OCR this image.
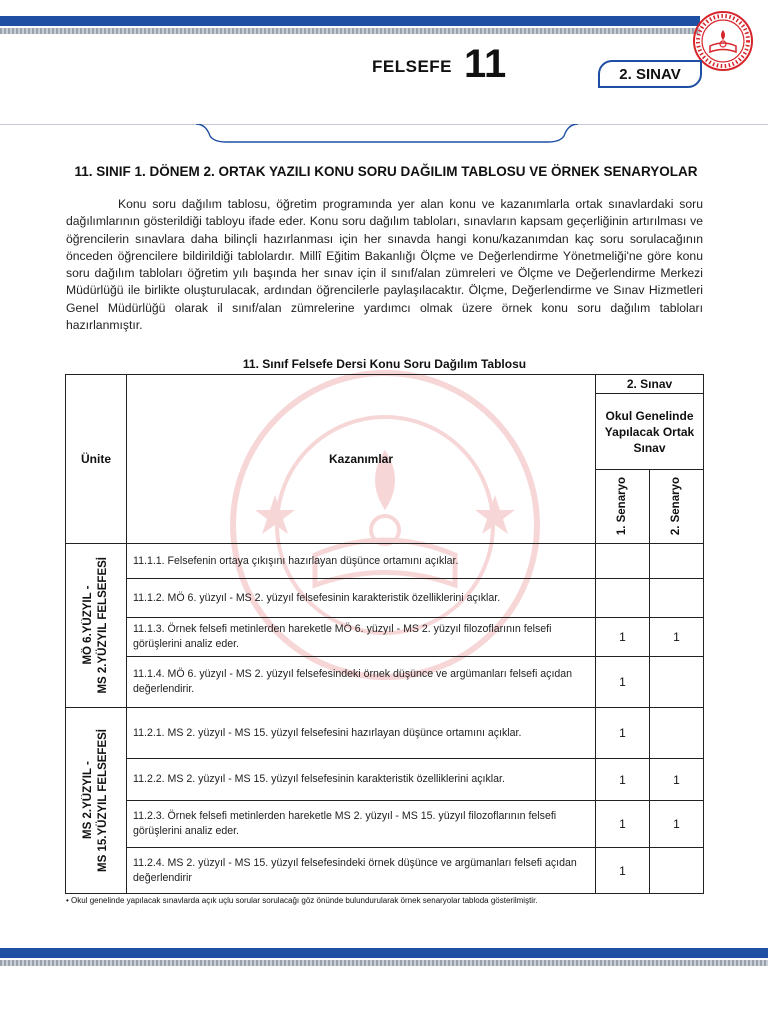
FELSEFE 11	2. SINAV
11. SINIF 1. DÖNEM 2. ORTAK YAZILI KONU SORU DAĞILIM TABLOSU VE ÖRNEK SENARYOLAR
Konu soru dağılım tablosu, öğretim programında yer alan konu ve kazanımlarla ortak sınavlardaki soru dağılımlarının gösterildiği tabloyu ifade eder. Konu soru dağılım tabloları, sınavların kapsam geçerliğinin artırılması ve öğrencilerin sınavlara daha bilinçli hazırlanması için her sınavda hangi konu/kazanımdan kaç soru sorulacağının önceden öğrencilere bildirildiği tablolardır. Millî Eğitim Bakanlığı Ölçme ve Değerlendirme Yönetmeliği'ne göre konu soru dağılım tabloları öğretim yılı başında her sınav için il sınıf/alan zümreleri ve Ölçme ve Değerlendirme Merkezi Müdürlüğü ile birlikte oluşturulacak, ardından öğrencilerle paylaşılacaktır. Ölçme, Değerlendirme ve Sınav Hizmetleri Genel Müdürlüğü olarak il sınıf/alan zümrelerine yardımcı olmak üzere örnek konu soru dağılım tabloları hazırlanmıştır.
11. Sınıf Felsefe Dersi Konu Soru Dağılım Tablosu
Ünite	Kazanımlar
2. Sınav
Okul Genelinde Yapılacak Ortak Sınav
1. Senaryo	2. Senaryo
MÖ 6.YÜZYIL - MS 2.YÜZYIL FELSEFESİ
MS 2.YÜZYIL - MS 15.YÜZYIL FELSEFESİ
11.1.1. Felsefenin ortaya çıkışını hazırlayan düşünce ortamını açıklar.
11.1.2. MÖ 6. yüzyıl - MS 2. yüzyıl felsefesinin karakteristik özelliklerini açıklar.
11.1.3. Örnek felsefi metinlerden hareketle MÖ 6. yüzyıl - MS 2. yüzyıl filozoflarının felsefi görüşlerini analiz eder.	1	1
11.1.4. MÖ 6. yüzyıl - MS 2. yüzyıl felsefesindeki örnek düşünce ve argümanları felsefi açıdan değerlendirir.	1
11.2.1. MS 2. yüzyıl - MS 15. yüzyıl felsefesini hazırlayan düşünce ortamını açıklar.	1
11.2.2. MS 2. yüzyıl - MS 15. yüzyıl felsefesinin karakteristik özelliklerini açıklar.	1	1
11.2.3. Örnek felsefi metinlerden hareketle MS 2. yüzyıl - MS 15. yüzyıl filozoflarının felsefi görüşlerini analiz eder.	1	1
11.2.4. MS 2. yüzyıl - MS 15. yüzyıl felsefesindeki örnek düşünce ve argümanları felsefi açıdan değerlendirir	1
• Okul genelinde yapılacak sınavlarda açık uçlu sorular sorulacağı göz önünde bulundurularak örnek senaryolar tabloda gösterilmiştir.
